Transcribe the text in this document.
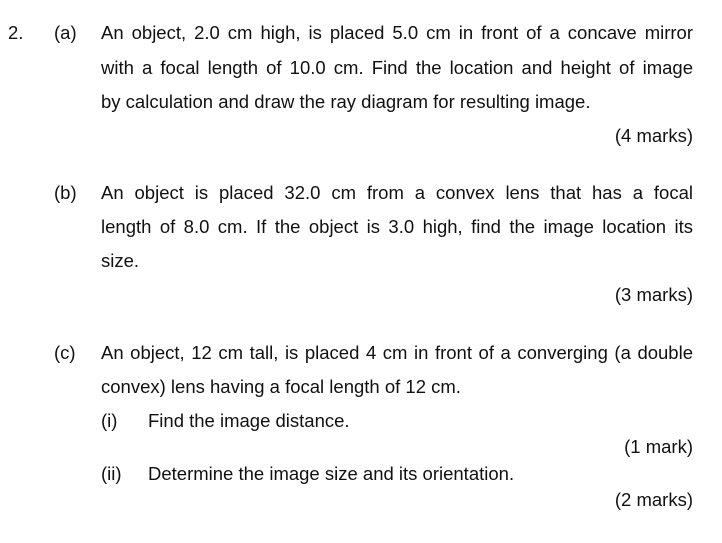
2. (a) An object, 2.0 cm high, is placed 5.0 cm in front of a concave mirror
with a focal length of 10.0 cm. Find the location and height of image
by calculation and draw the ray diagram for resulting image.
(4 marks)
(b) An object is placed 32.0 cm from a convex lens that has a focal
length of 8.0 cm. If the object is 3.0 high, find the image location its
size.
(3 marks)
(c) An object, 12 cm tall, is placed 4 cm in front of a converging (a double
convex) lens having a focal length of 12 cm.
(i) Find the image distance.
(1 mark)
(ii) Determine the image size and its orientation.
(2 marks)
